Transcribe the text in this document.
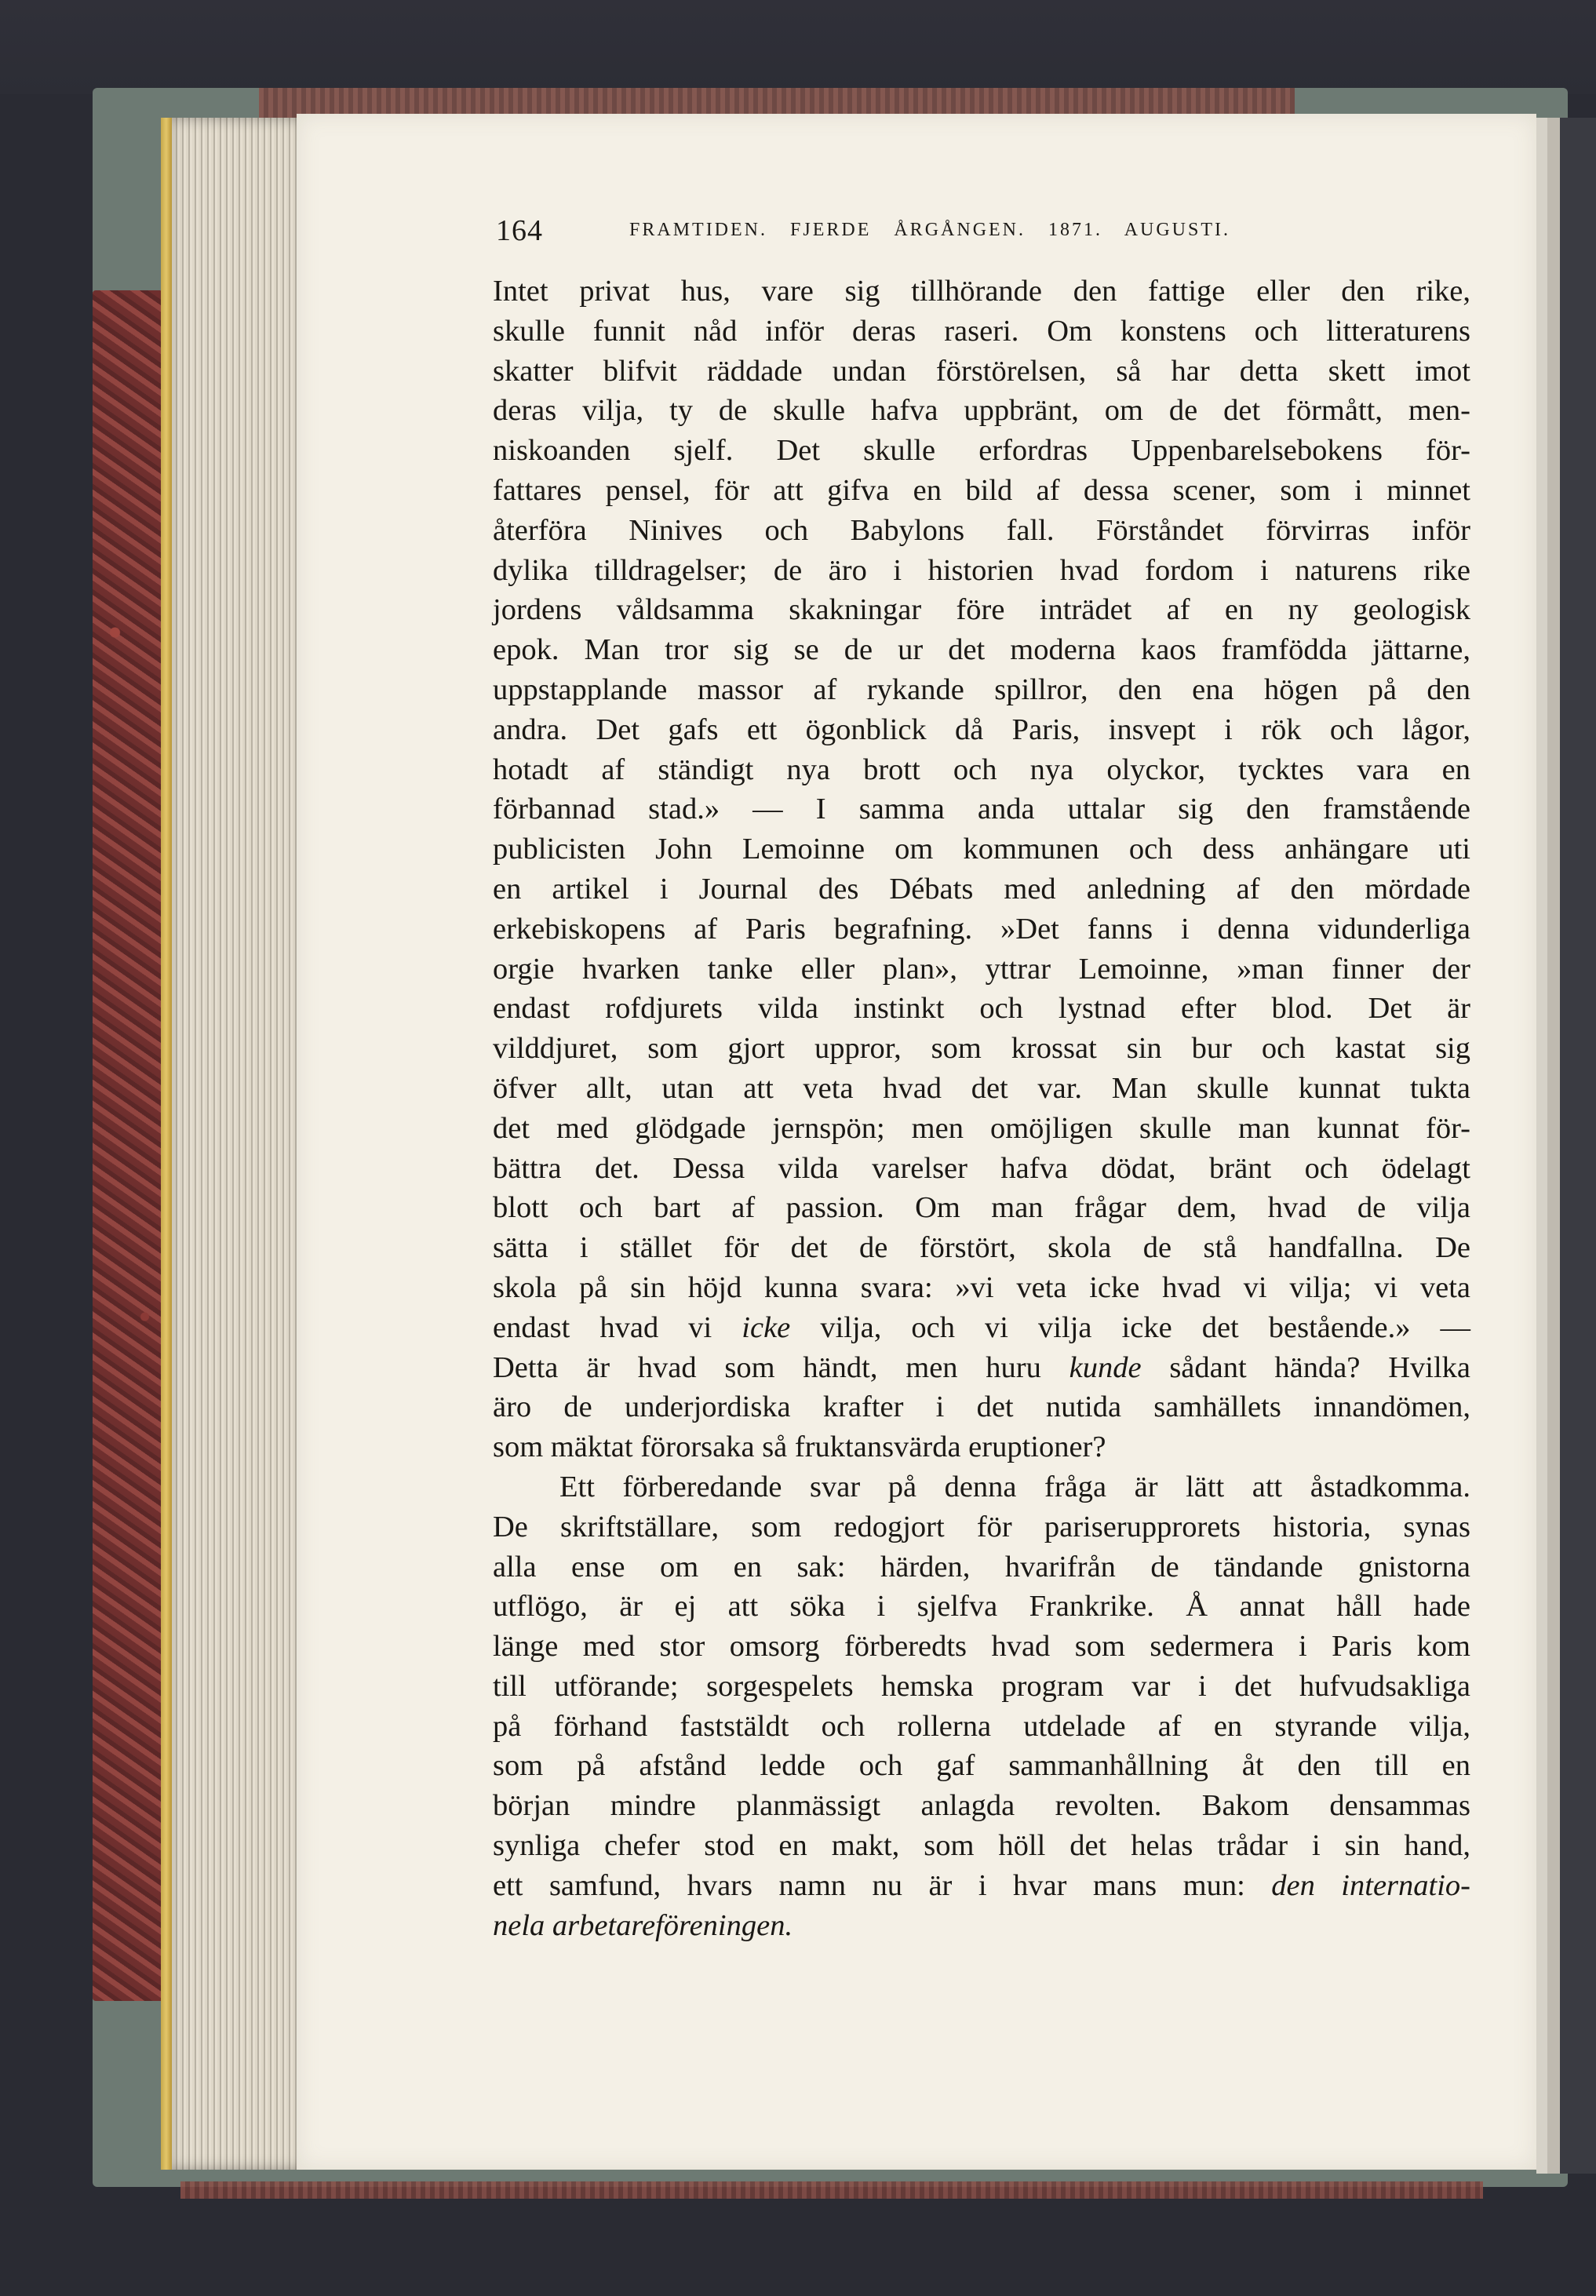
164	FRAMTIDEN. FJERDE ÅRGÅNGEN. 1871. AUGUSTI.
Intet privat hus, vare sig tillhörande den fattige eller den rike,
skulle funnit nåd inför deras raseri. Om konstens och litteraturens
skatter blifvit räddade undan förstörelsen, så har detta skett imot
deras vilja, ty de skulle hafva uppbränt, om de det förmått, men-
niskoanden sjelf. Det skulle erfordras Uppenbarelsebokens för-
fattares pensel, för att gifva en bild af dessa scener, som i minnet
återföra Ninives och Babylons fall. Förståndet förvirras inför
dylika tilldragelser; de äro i historien hvad fordom i naturens rike
jordens våldsamma skakningar före inträdet af en ny geologisk
epok. Man tror sig se de ur det moderna kaos framfödda jättarne,
uppstapplande massor af rykande spillror, den ena högen på den
andra. Det gafs ett ögonblick då Paris, insvept i rök och lågor,
hotadt af ständigt nya brott och nya olyckor, tycktes vara en
förbannad stad.» — I samma anda uttalar sig den framstående
publicisten John Lemoinne om kommunen och dess anhängare uti
en artikel i Journal des Débats med anledning af den mördade
erkebiskopens af Paris begrafning. »Det fanns i denna vidunderliga
orgie hvarken tanke eller plan», yttrar Lemoinne, »man finner der
endast rofdjurets vilda instinkt och lystnad efter blod. Det är
vilddjuret, som gjort uppror, som krossat sin bur och kastat sig
öfver allt, utan att veta hvad det var. Man skulle kunnat tukta
det med glödgade jernspön; men omöjligen skulle man kunnat för-
bättra det. Dessa vilda varelser hafva dödat, bränt och ödelagt
blott och bart af passion. Om man frågar dem, hvad de vilja
sätta i stället för det de förstört, skola de stå handfallna. De
skola på sin höjd kunna svara: »vi veta icke hvad vi vilja; vi veta
endast hvad vi icke vilja, och vi vilja icke det bestående.» —
Detta är hvad som händt, men huru kunde sådant hända? Hvilka
äro de underjordiska krafter i det nutida samhällets innandömen,
som mäktat förorsaka så fruktansvärda eruptioner?
Ett förberedande svar på denna fråga är lätt att åstadkomma.
De skriftställare, som redogjort för pariserupprorets historia, synas
alla ense om en sak: härden, hvarifrån de tändande gnistorna
utflögo, är ej att söka i sjelfva Frankrike. Å annat håll hade
länge med stor omsorg förberedts hvad som sedermera i Paris kom
till utförande; sorgespelets hemska program var i det hufvudsakliga
på förhand faststäldt och rollerna utdelade af en styrande vilja,
som på afstånd ledde och gaf sammanhållning åt den till en
början mindre planmässigt anlagda revolten. Bakom densammas
synliga chefer stod en makt, som höll det helas trådar i sin hand,
ett samfund, hvars namn nu är i hvar mans mun: den internatio-
nela arbetareföreningen.
